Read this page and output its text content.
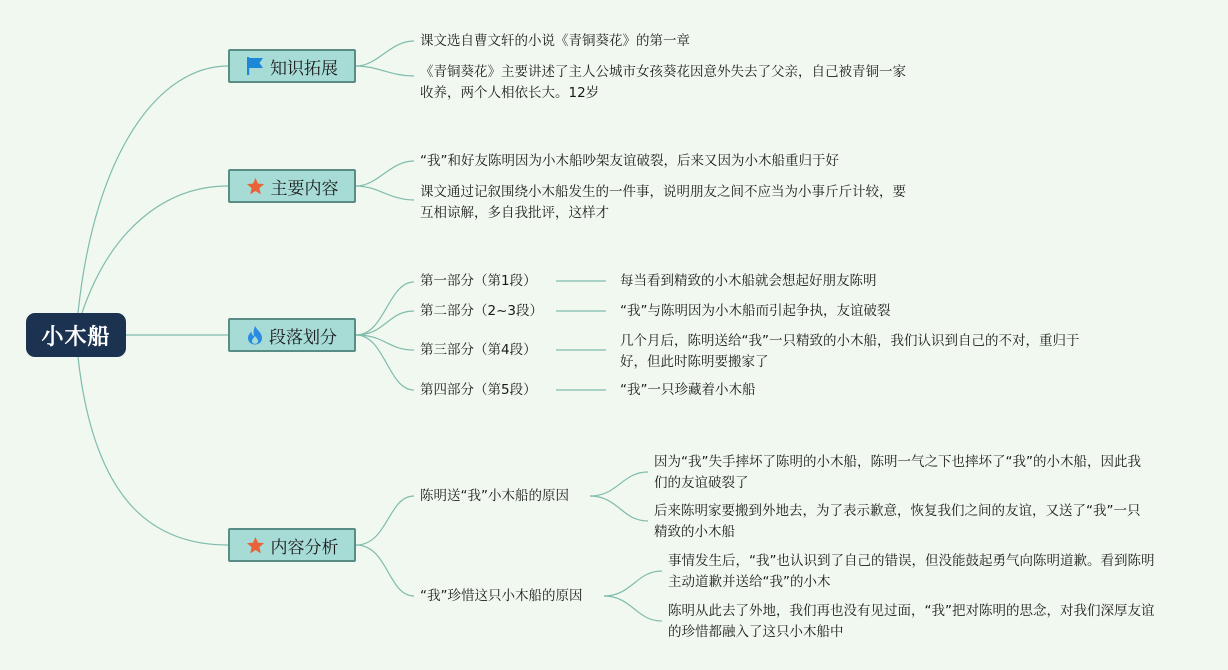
小木船
知识拓展
课文选自曹文轩的小说《青铜葵花》的第一章
《青铜葵花》主要讲述了主人公城市女孩葵花因意外失去了父亲，自己被青铜一家收养，两个人相依长大。12岁
主要内容
“我”和好友陈明因为小木船吵架友谊破裂，后来又因为小木船重归于好
课文通过记叙围绕小木船发生的一件事，说明朋友之间不应当为小事斤斤计较，要互相谅解，多自我批评，这样才
段落划分
第一部分（第1段）
第二部分（2~3段）
第三部分（第4段）
第四部分（第5段）
每当看到精致的小木船就会想起好朋友陈明
“我”与陈明因为小木船而引起争执，友谊破裂
几个月后，陈明送给“我”一只精致的小木船，我们认识到自己的不对，重归于好，但此时陈明要搬家了
“我”一只珍藏着小木船
内容分析
陈明送“我”小木船的原因
“我”珍惜这只小木船的原因
因为“我”失手摔坏了陈明的小木船，陈明一气之下也摔坏了“我”的小木船，因此我们的友谊破裂了
后来陈明家要搬到外地去，为了表示歉意，恢复我们之间的友谊，又送了“我”一只精致的小木船
事情发生后，“我”也认识到了自己的错误，但没能鼓起勇气向陈明道歉。看到陈明主动道歉并送给“我”的小木
陈明从此去了外地，我们再也没有见过面，“我”把对陈明的思念，对我们深厚友谊的珍惜都融入了这只小木船中
